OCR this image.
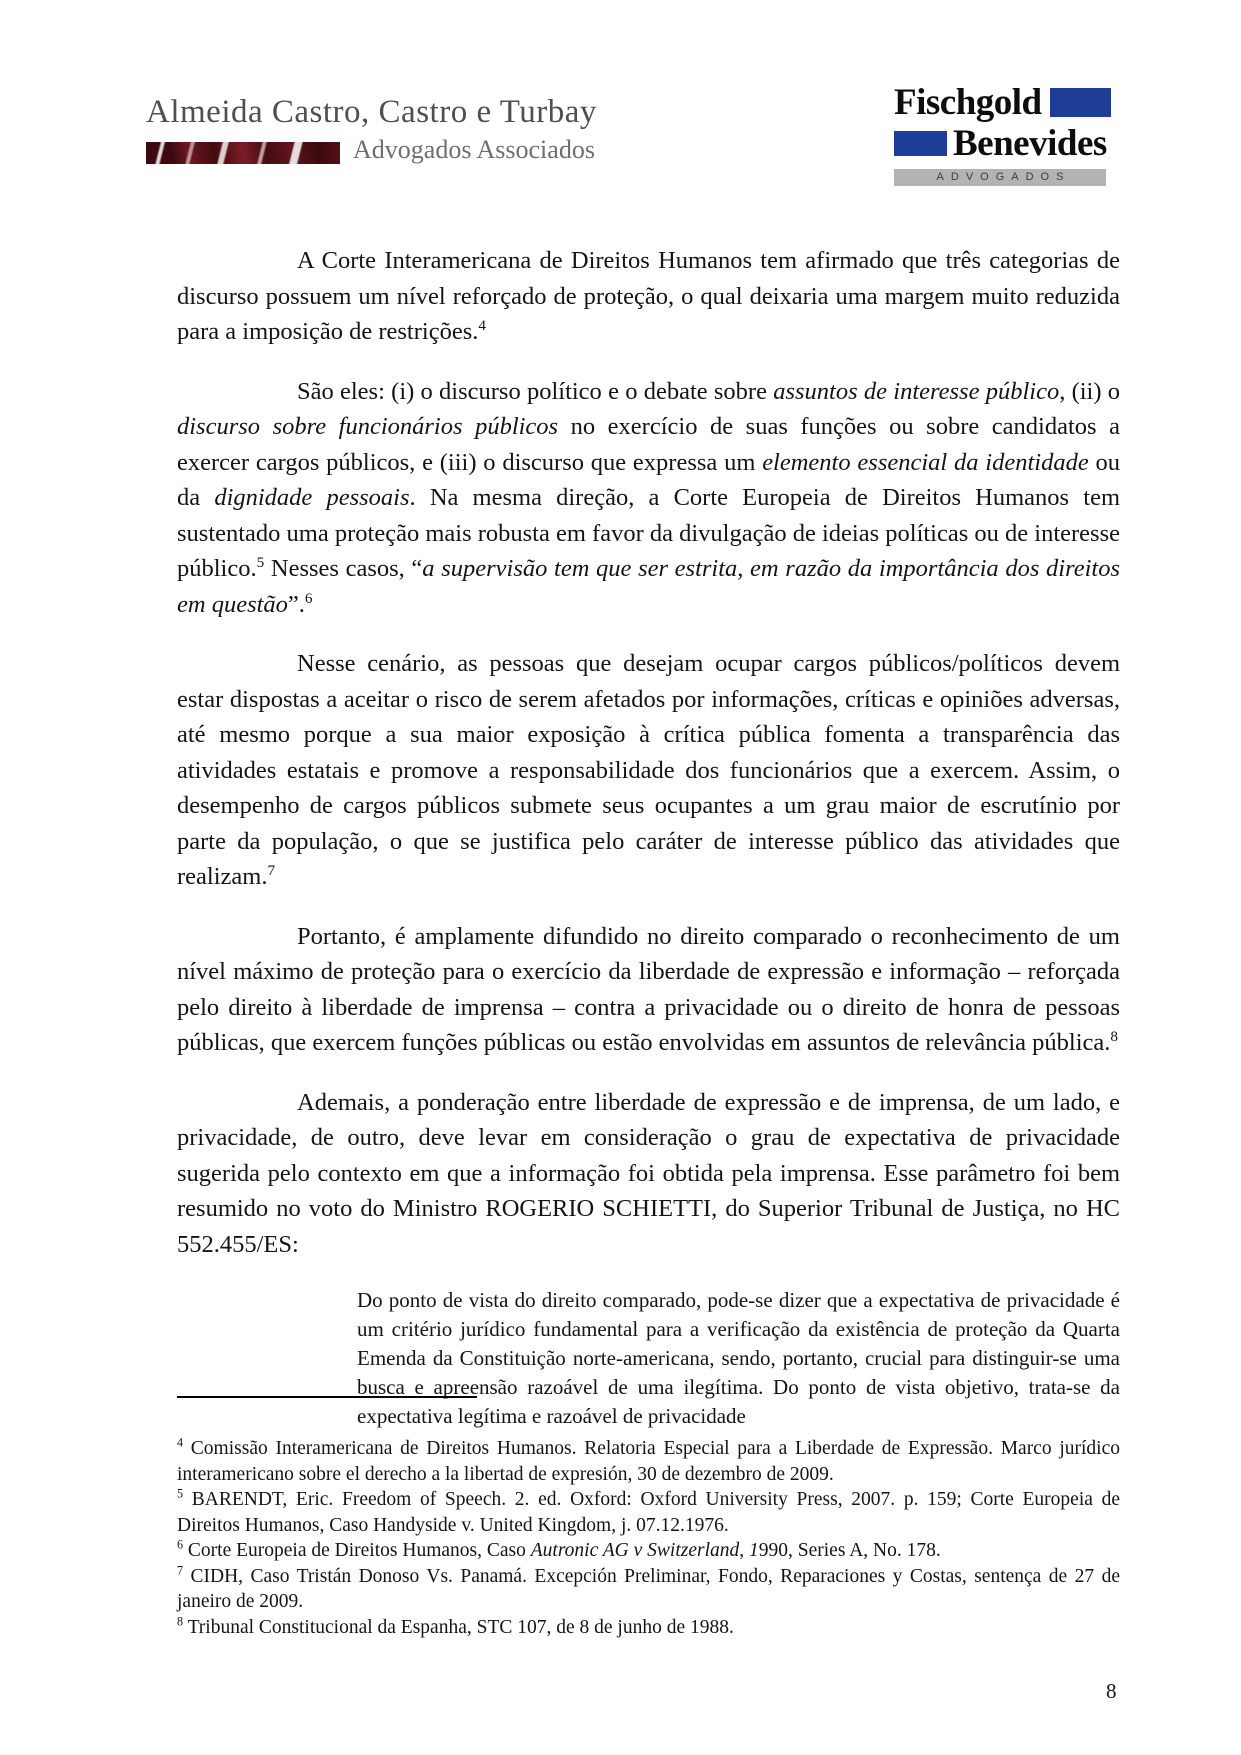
Almeida Castro, Castro e Turbay
Advogados Associados
Fischgold
Benevides
ADVOGADOS

A Corte Interamericana de Direitos Humanos tem afirmado que três categorias de discurso possuem um nível reforçado de proteção, o qual deixaria uma margem muito reduzida para a imposição de restrições.$^4$

São eles: (i) o discurso político e o debate sobre assuntos de interesse público, (ii) o discurso sobre funcionários públicos no exercício de suas funções ou sobre candidatos a exercer cargos públicos, e (iii) o discurso que expressa um elemento essencial da identidade ou da dignidade pessoais. Na mesma direção, a Corte Europeia de Direitos Humanos tem sustentado uma proteção mais robusta em favor da divulgação de ideias políticas ou de interesse público.$^5$ Nesses casos, “a supervisão tem que ser estrita, em razão da importância dos direitos em questão”.$^6$

Nesse cenário, as pessoas que desejam ocupar cargos públicos/políticos devem estar dispostas a aceitar o risco de serem afetados por informações, críticas e opiniões adversas, até mesmo porque a sua maior exposição à crítica pública fomenta a transparência das atividades estatais e promove a responsabilidade dos funcionários que a exercem. Assim, o desempenho de cargos públicos submete seus ocupantes a um grau maior de escrutínio por parte da população, o que se justifica pelo caráter de interesse público das atividades que realizam.$^7$

Portanto, é amplamente difundido no direito comparado o reconhecimento de um nível máximo de proteção para o exercício da liberdade de expressão e informação – reforçada pelo direito à liberdade de imprensa – contra a privacidade ou o direito de honra de pessoas públicas, que exercem funções públicas ou estão envolvidas em assuntos de relevância pública.$^8$

Ademais, a ponderação entre liberdade de expressão e de imprensa, de um lado, e privacidade, de outro, deve levar em consideração o grau de expectativa de privacidade sugerida pelo contexto em que a informação foi obtida pela imprensa. Esse parâmetro foi bem resumido no voto do Ministro ROGERIO SCHIETTI, do Superior Tribunal de Justiça, no HC 552.455/ES:

Do ponto de vista do direito comparado, pode-se dizer que a expectativa de privacidade é um critério jurídico fundamental para a verificação da existência de proteção da Quarta Emenda da Constituição norte-americana, sendo, portanto, crucial para distinguir-se uma busca e apreensão razoável de uma ilegítima. Do ponto de vista objetivo, trata-se da expectativa legítima e razoável de privacidade

$^4$ Comissão Interamericana de Direitos Humanos. Relatoria Especial para a Liberdade de Expressão. Marco jurídico interamericano sobre el derecho a la libertad de expresión, 30 de dezembro de 2009.

$^5$ BARENDT, Eric. Freedom of Speech. 2. ed. Oxford: Oxford University Press, 2007. p. 159; Corte Europeia de Direitos Humanos, Caso Handyside v. United Kingdom, j. 07.12.1976.

$^6$ Corte Europeia de Direitos Humanos, Caso Autronic AG v Switzerland, 1990, Series A, No. 178.

$^7$ CIDH, Caso Tristán Donoso Vs. Panamá. Excepción Preliminar, Fondo, Reparaciones y Costas, sentença de 27 de janeiro de 2009.

$^8$ Tribunal Constitucional da Espanha, STC 107, de 8 de junho de 1988.

8
